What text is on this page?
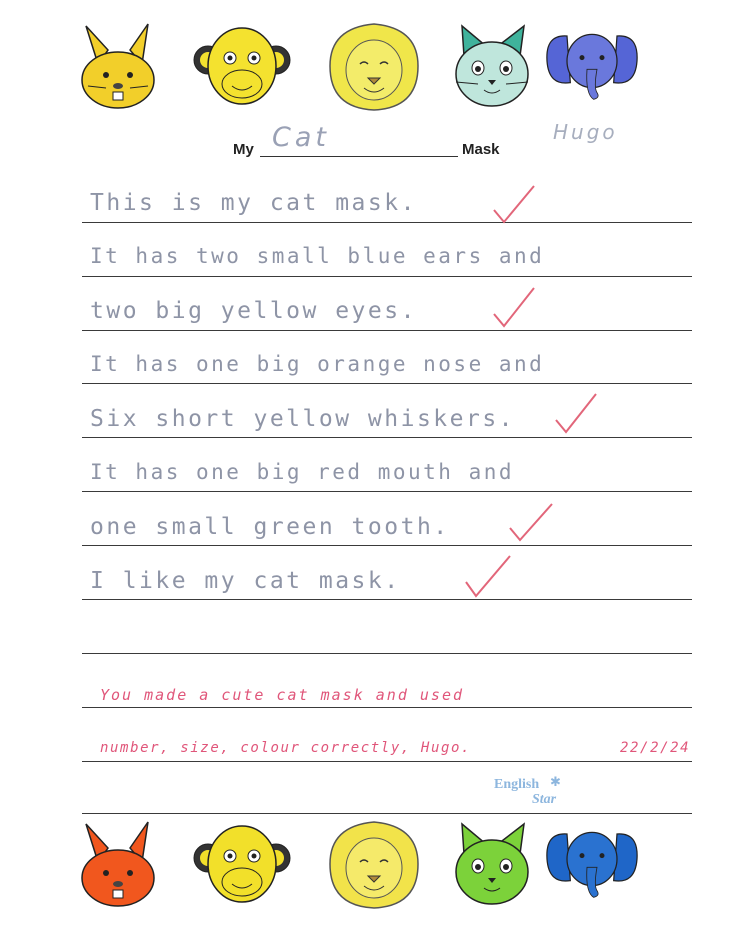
My Cat	Mask
Hugo
This is my cat mask.
It has two small blue ears and
two big yellow eyes.
It has one big orange nose and
Six short yellow whiskers.
It has one big red mouth and
one small green tooth.
I like my cat mask.
You made a cute cat mask and used
number, size, colour correctly, Hugo.	22/2/24
English ✱
Star
